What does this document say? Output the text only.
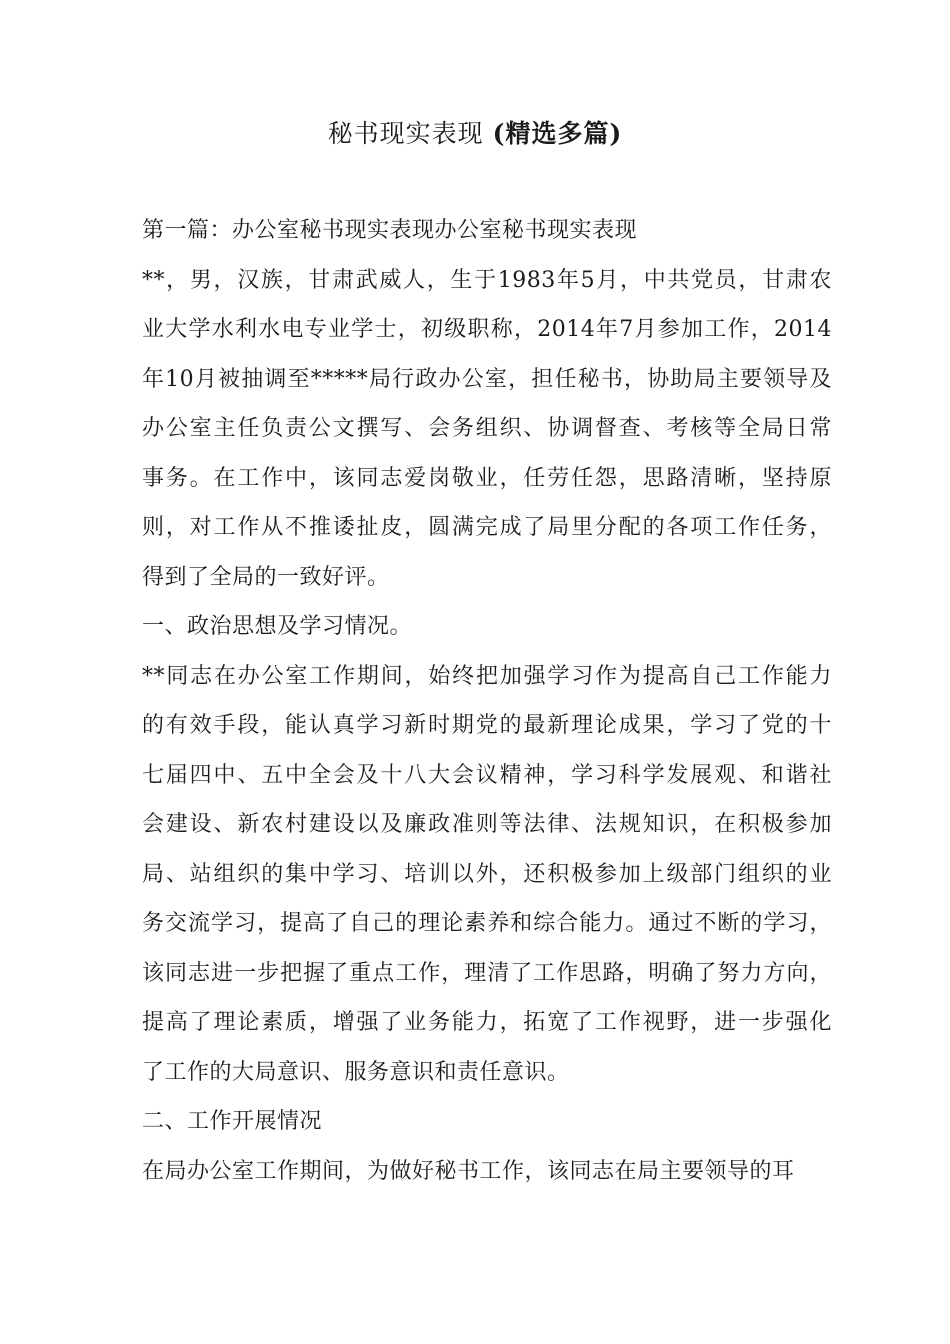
秘书现实表现 (精选多篇)
第一篇：办公室秘书现实表现办公室秘书现实表现
**，男，汉族，甘肃武威人，生于1983年5月，中共党员，甘肃农
业大学水利水电专业学士，初级职称，2014年7月参加工作，2014
年10月被抽调至*****局行政办公室，担任秘书，协助局主要领导及
办公室主任负责公文撰写、会务组织、协调督查、考核等全局日常
事务。在工作中，该同志爱岗敬业，任劳任怨，思路清晰，坚持原
则，对工作从不推诿扯皮，圆满完成了局里分配的各项工作任务，
得到了全局的一致好评。
一、政治思想及学习情况。
**同志在办公室工作期间，始终把加强学习作为提高自己工作能力
的有效手段，能认真学习新时期党的最新理论成果，学习了党的十
七届四中、五中全会及十八大会议精神，学习科学发展观、和谐社
会建设、新农村建设以及廉政准则等法律、法规知识，在积极参加
局、站组织的集中学习、培训以外，还积极参加上级部门组织的业
务交流学习，提高了自己的理论素养和综合能力。通过不断的学习，
该同志进一步把握了重点工作，理清了工作思路，明确了努力方向，
提高了理论素质，增强了业务能力，拓宽了工作视野，进一步强化
了工作的大局意识、服务意识和责任意识。
二、工作开展情况
在局办公室工作期间，为做好秘书工作，该同志在局主要领导的耳
